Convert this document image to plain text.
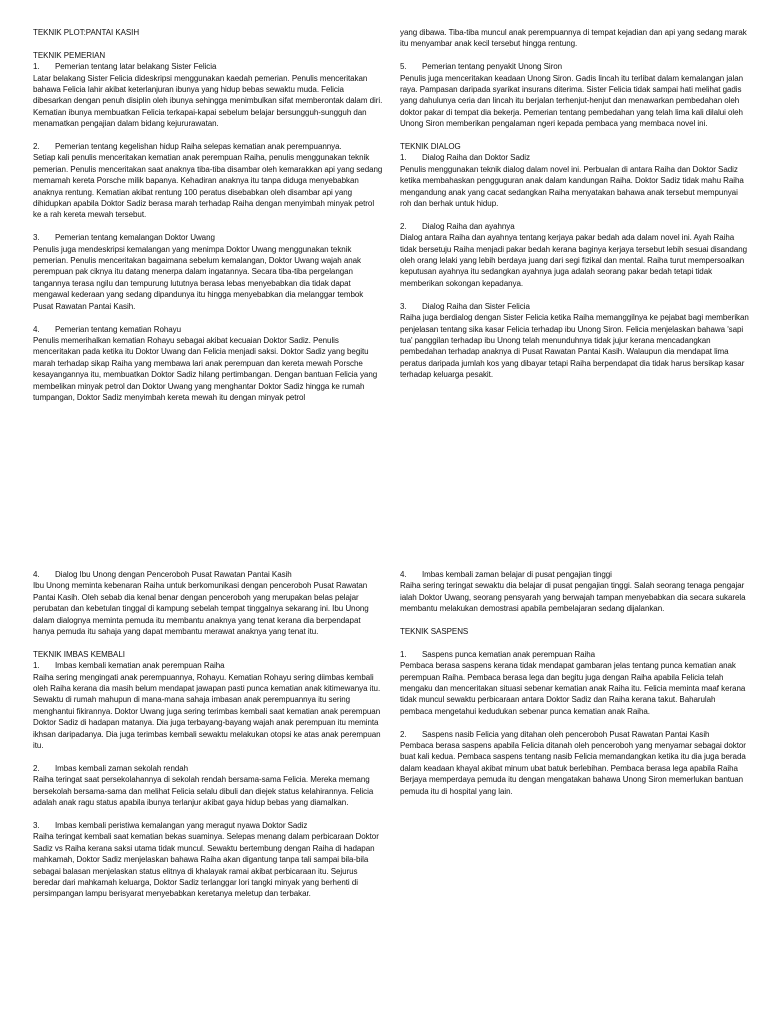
TEKNIK PLOT:PANTAI KASIH
TEKNIK PEMERIAN
1. Pemerian tentang latar belakang Sister Felicia
Latar belakang Sister Felicia dideskripsi menggunakan kaedah pemerian. Penulis menceritakan bahawa Felicia lahir akibat keterlanjuran ibunya yang hidup bebas sewaktu muda. Felicia dibesarkan dengan penuh disiplin oleh ibunya sehingga menimbulkan sifat memberontak dalam diri. Kematian ibunya membuatkan Felicia terkapai-kapai sebelum belajar bersungguh-sungguh dan menamatkan pengajian dalam bidang kejururawatan.
2. Pemerian tentang kegelishan hidup Raiha selepas kematian anak perempuannya.
Setiap kali penulis menceritakan kematian anak perempuan Raiha, penulis menggunakan teknik pemerian. Penulis menceritakan saat anaknya tiba-tiba disambar oleh kemarakkan api yang sedang memamah kereta Porsche milik bapanya. Kehadiran anaknya itu tanpa diduga menyebabkan anaknya rentung. Kematian akibat rentung 100 peratus disebabkan oleh disambar api yang dihidupkan apabila Doktor Sadiz berasa marah terhadap Raiha dengan menyimbah minyak petrol ke a rah kereta mewah tersebut.
3. Pemerian tentang kemalangan Doktor Uwang
Penulis juga mendeskripsi kemalangan yang menimpa Doktor Uwang menggunakan teknik pemerian. Penulis menceritakan bagaimana sebelum kemalangan, Doktor Uwang wajah anak perempuan pak ciknya itu datang menerpa dalam ingatannya. Secara tiba-tiba pergelangan tangannya terasa ngilu dan tempurung lututnya berasa lebas menyebabkan dia tidak dapat mengawal kederaan yang sedang dipandunya itu hingga menyebabkan dia melanggar tembok Pusat Rawatan Pantai Kasih.
4. Pemerian tentang kematian Rohayu
Penulis memerihalkan kematian Rohayu sebagai akibat kecuaian Doktor Sadiz. Penulis menceritakan pada ketika itu Doktor Uwang dan Felicia menjadi saksi. Doktor Sadiz yang begitu marah terhadap sikap Raiha yang membawa lari anak perempuan dan kereta mewah Porsche kesayangannya itu, membuatkan Doktor Sadiz hilang pertimbangan. Dengan bantuan Felicia yang membelikan minyak petrol dan Doktor Uwang yang menghantar Doktor Sadiz hingga ke rumah tumpangan, Doktor Sadiz menyimbah kereta mewah itu dengan minyak petrol
yang dibawa. Tiba-tiba muncul anak perempuannya di tempat kejadian dan api yang sedang marak itu menyambar anak kecil tersebut hingga rentung.
5. Pemerian tentang penyakit Unong Siron
Penulis juga menceritakan keadaan Unong Siron. Gadis lincah itu terlibat dalam kemalangan jalan raya. Pampasan daripada syarikat insurans diterima. Sister Felicia tidak sampai hati melihat gadis yang dahulunya ceria dan lincah itu berjalan terhenjut-henjut dan menawarkan pembedahan oleh doktor pakar di tempat dia bekerja. Pemerian tentang pembedahan yang telah lima kali dilalui oleh Unong Siron memberikan pengalaman ngeri kepada pembaca yang membaca novel ini.
TEKNIK DIALOG
1. Dialog Raiha dan Doktor Sadiz
Penulis menggunakan teknik dialog dalam novel ini. Perbualan di antara Raiha dan Doktor Sadiz ketika membahaskan pengguguran anak dalam kandungan Raiha. Doktor Sadiz tidak mahu Raiha mengandung anak yang cacat sedangkan Raiha menyatakan bahawa anak tersebut mempunyai roh dan berhak untuk hidup.
2. Dialog Raiha dan ayahnya
Dialog antara Raiha dan ayahnya tentang kerjaya pakar bedah ada dalam novel ini. Ayah Raiha tidak bersetuju Raiha menjadi pakar bedah kerana baginya kerjaya tersebut lebih sesuai disandang oleh orang lelaki yang lebih berdaya juang dari segi fizikal dan mental. Raiha turut mempersoalkan keputusan ayahnya itu sedangkan ayahnya juga adalah seorang pakar bedah tetapi tidak memberikan sokongan kepadanya.
3. Dialog Raiha dan Sister Felicia
Raiha juga berdialog dengan Sister Felicia ketika Raiha memanggilnya ke pejabat bagi memberikan penjelasan tentang sika kasar Felicia terhadap ibu Unong Siron. Felicia menjelaskan bahawa 'sapi tua' panggilan terhadap ibu Unong telah menunduhnya tidak jujur kerana mencadangkan pembedahan terhadap anaknya di Pusat Rawatan Pantai Kasih. Walaupun dia mendapat lima peratus daripada jumlah kos yang dibayar tetapi Raiha berpendapat dia tidak harus bersikap kasar terhadap keluarga pesakit.
4. Dialog Ibu Unong dengan Penceroboh Pusat Rawatan Pantai Kasih
Ibu Unong meminta kebenaran Raiha untuk berkomunikasi dengan penceroboh Pusat Rawatan Pantai Kasih. Oleh sebab dia kenal benar dengan penceroboh yang merupakan belas pelajar perubatan dan kebetulan tinggal di kampung sebelah tempat tinggalnya sekarang ini. Ibu Unong dalam dialognya meminta pemuda itu membantu anaknya yang tenat kerana dia berpendapat hanya pemuda itu sahaja yang dapat membantu merawat anaknya yang tenat itu.
TEKNIK IMBAS KEMBALI
1. Imbas kembali kematian anak perempuan Raiha
Raiha sering mengingati anak perempuannya, Rohayu. Kematian Rohayu sering diimbas kembali oleh Raiha kerana dia masih belum mendapat jawapan pasti punca kematian anak kitimewanya itu. Sewaktu di rumah mahupun di mana-mana sahaja imbasan anak perempuannya itu sering menghantui fikirannya. Doktor Uwang juga sering terimbas kembali saat kematian anak perempuan Doktor Sadiz di hadapan matanya. Dia juga terbayang-bayang wajah anak perempuan itu meminta ikhsan daripadanya. Dia juga terimbas kembali sewaktu melakukan otopsi ke atas anak perempuan itu.
2. Imbas kembali zaman sekolah rendah
Raiha teringat saat persekolahannya di sekolah rendah bersama-sama Felicia. Mereka memang bersekolah bersama-sama dan melihat Felicia selalu dibuli dan diejek status kelahirannya. Felicia adalah anak ragu status apabila ibunya terlanjur akibat gaya hidup bebas yang diamalkan.
3. Imbas kembali peristiwa kemalangan yang meragut nyawa Doktor Sadiz
Raiha teringat kembali saat kematian bekas suaminya. Selepas menang dalam perbicaraan Doktor Sadiz vs Raiha kerana saksi utama tidak muncul. Sewaktu bertembung dengan Raiha di hadapan mahkamah, Doktor Sadiz menjelaskan bahawa Raiha akan digantung tanpa tali sampai bila-bila sebagai balasan menjelaskan status elitnya di khalayak ramai akibat perbicaraan itu. Sejurus beredar dari mahkamah keluarga, Doktor Sadiz terlanggar lori tangki minyak yang berhenti di persimpangan lampu berisyarat menyebabkan keretanya meletup dan terbakar.
4. Imbas kembali zaman belajar di pusat pengajian tinggi
Raiha sering teringat sewaktu dia belajar di pusat pengajian tinggi. Salah seorang tenaga pengajar ialah Doktor Uwang, seorang pensyarah yang berwajah tampan menyebabkan dia secara sukarela membantu melakukan demostrasi apabila pembelajaran sedang dijalankan.
TEKNIK SASPENS
1. Saspens punca kematian anak perempuan Raiha
Pembaca berasa saspens kerana tidak mendapat gambaran jelas tentang punca kematian anak perempuan Raiha. Pembaca berasa lega dan begitu juga dengan Raiha apabila Felicia telah mengaku dan menceritakan situasi sebenar kematian anak Raiha itu. Felicia meminta maaf kerana tidak muncul sewaktu perbicaraan antara Doktor Sadiz dan Raiha kerana takut. Baharulah pembaca mengetahui kedudukan sebenar punca kematian anak Raiha.
2. Saspens nasib Felicia yang ditahan oleh penceroboh Pusat Rawatan Pantai Kasih
Pembaca berasa saspens apabila Felicia ditanah oleh penceroboh yang menyamar sebagai doktor buat kali kedua. Pembaca saspens tentang nasib Felicia memandangkan ketika itu dia juga berada dalam keadaan khayal akibat minum ubat batuk berlebihan. Pembaca berasa lega apabila Raiha Berjaya memperdaya pemuda itu dengan mengatakan bahawa Unong Siron memerlukan bantuan pemuda itu di hospital yang lain.
